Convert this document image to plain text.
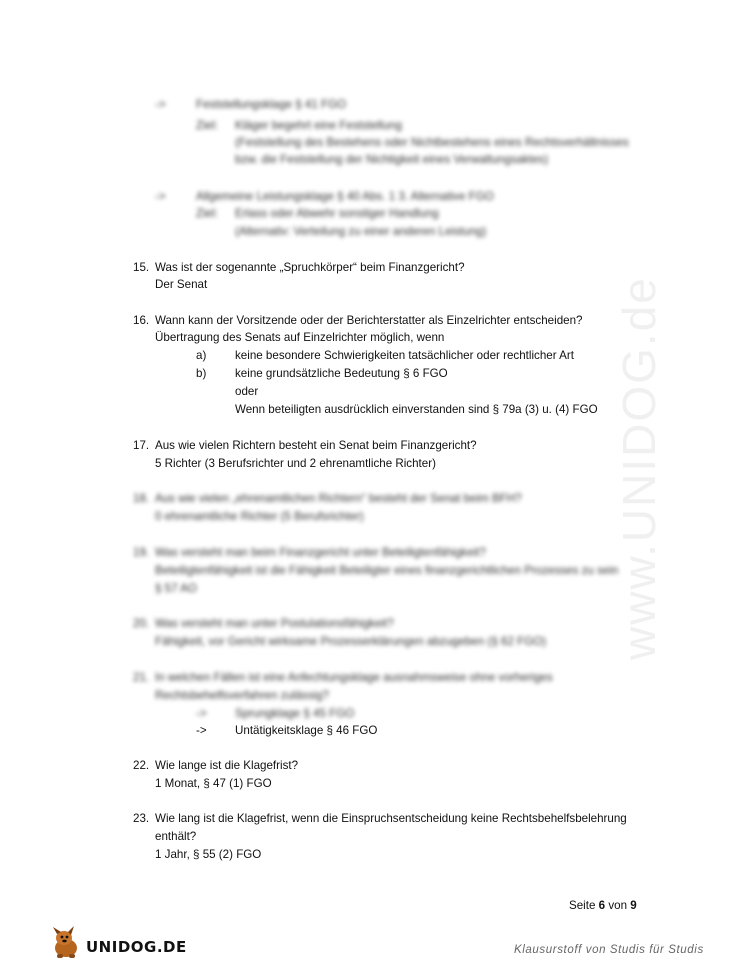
www.UNIDOG.de
->	Feststellungsklage § 41 FGO
Ziel: Kläger begehrt eine Feststellung
(Feststellung des Bestehens oder Nichtbestehens eines Rechtsverhältnisses
bzw. die Feststellung der Nichtigkeit eines Verwaltungsaktes)
->	Allgemeine Leistungsklage § 40 Abs. 1 3. Alternative FGO
Ziel: Erlass oder Abwehr sonstiger Handlung
(Alternativ: Verteilung zu einer anderen Leistung)
15. Was ist der sogenannte „Spruchkörper“ beim Finanzgericht?
Der Senat
16. Wann kann der Vorsitzende oder der Berichterstatter als Einzelrichter entscheiden?
Übertragung des Senats auf Einzelrichter möglich, wenn
a) keine besondere Schwierigkeiten tatsächlicher oder rechtlicher Art
b) keine grundsätzliche Bedeutung § 6 FGO
oder
Wenn beteiligten ausdrücklich einverstanden sind § 79a (3) u. (4) FGO
17. Aus wie vielen Richtern besteht ein Senat beim Finanzgericht?
5 Richter (3 Berufsrichter und 2 ehrenamtliche Richter)
18. Aus wie vielen „ehrenamtlichen Richtern“ besteht der Senat beim BFH?
0 ehrenamtliche Richter (5 Berufsrichter)
19. Was versteht man beim Finanzgericht unter Beteiligtenfähigkeit?
Beteiligtenfähigkeit ist die Fähigkeit Beteiligter eines finanzgerichtlichen Prozesses zu sein
§ 57 AO
20. Was versteht man unter Postulationsfähigkeit?
Fähigkeit, vor Gericht wirksame Prozesserklärungen abzugeben (§ 62 FGO)
21. In welchen Fällen ist eine Anfechtungsklage ausnahmsweise ohne vorheriges
Rechtsbehelfsverfahren zulässig?
-> Sprungklage § 45 FGO
-> Untätigkeitsklage § 46 FGO
22. Wie lange ist die Klagefrist?
1 Monat, § 47 (1) FGO
23. Wie lang ist die Klagefrist, wenn die Einspruchsentscheidung keine Rechtsbehelfsbelehrung
enthält?
1 Jahr, § 55 (2) FGO
Seite 6 von 9
UNIDOG.DE	Klausurstoff von Studis für Studis
